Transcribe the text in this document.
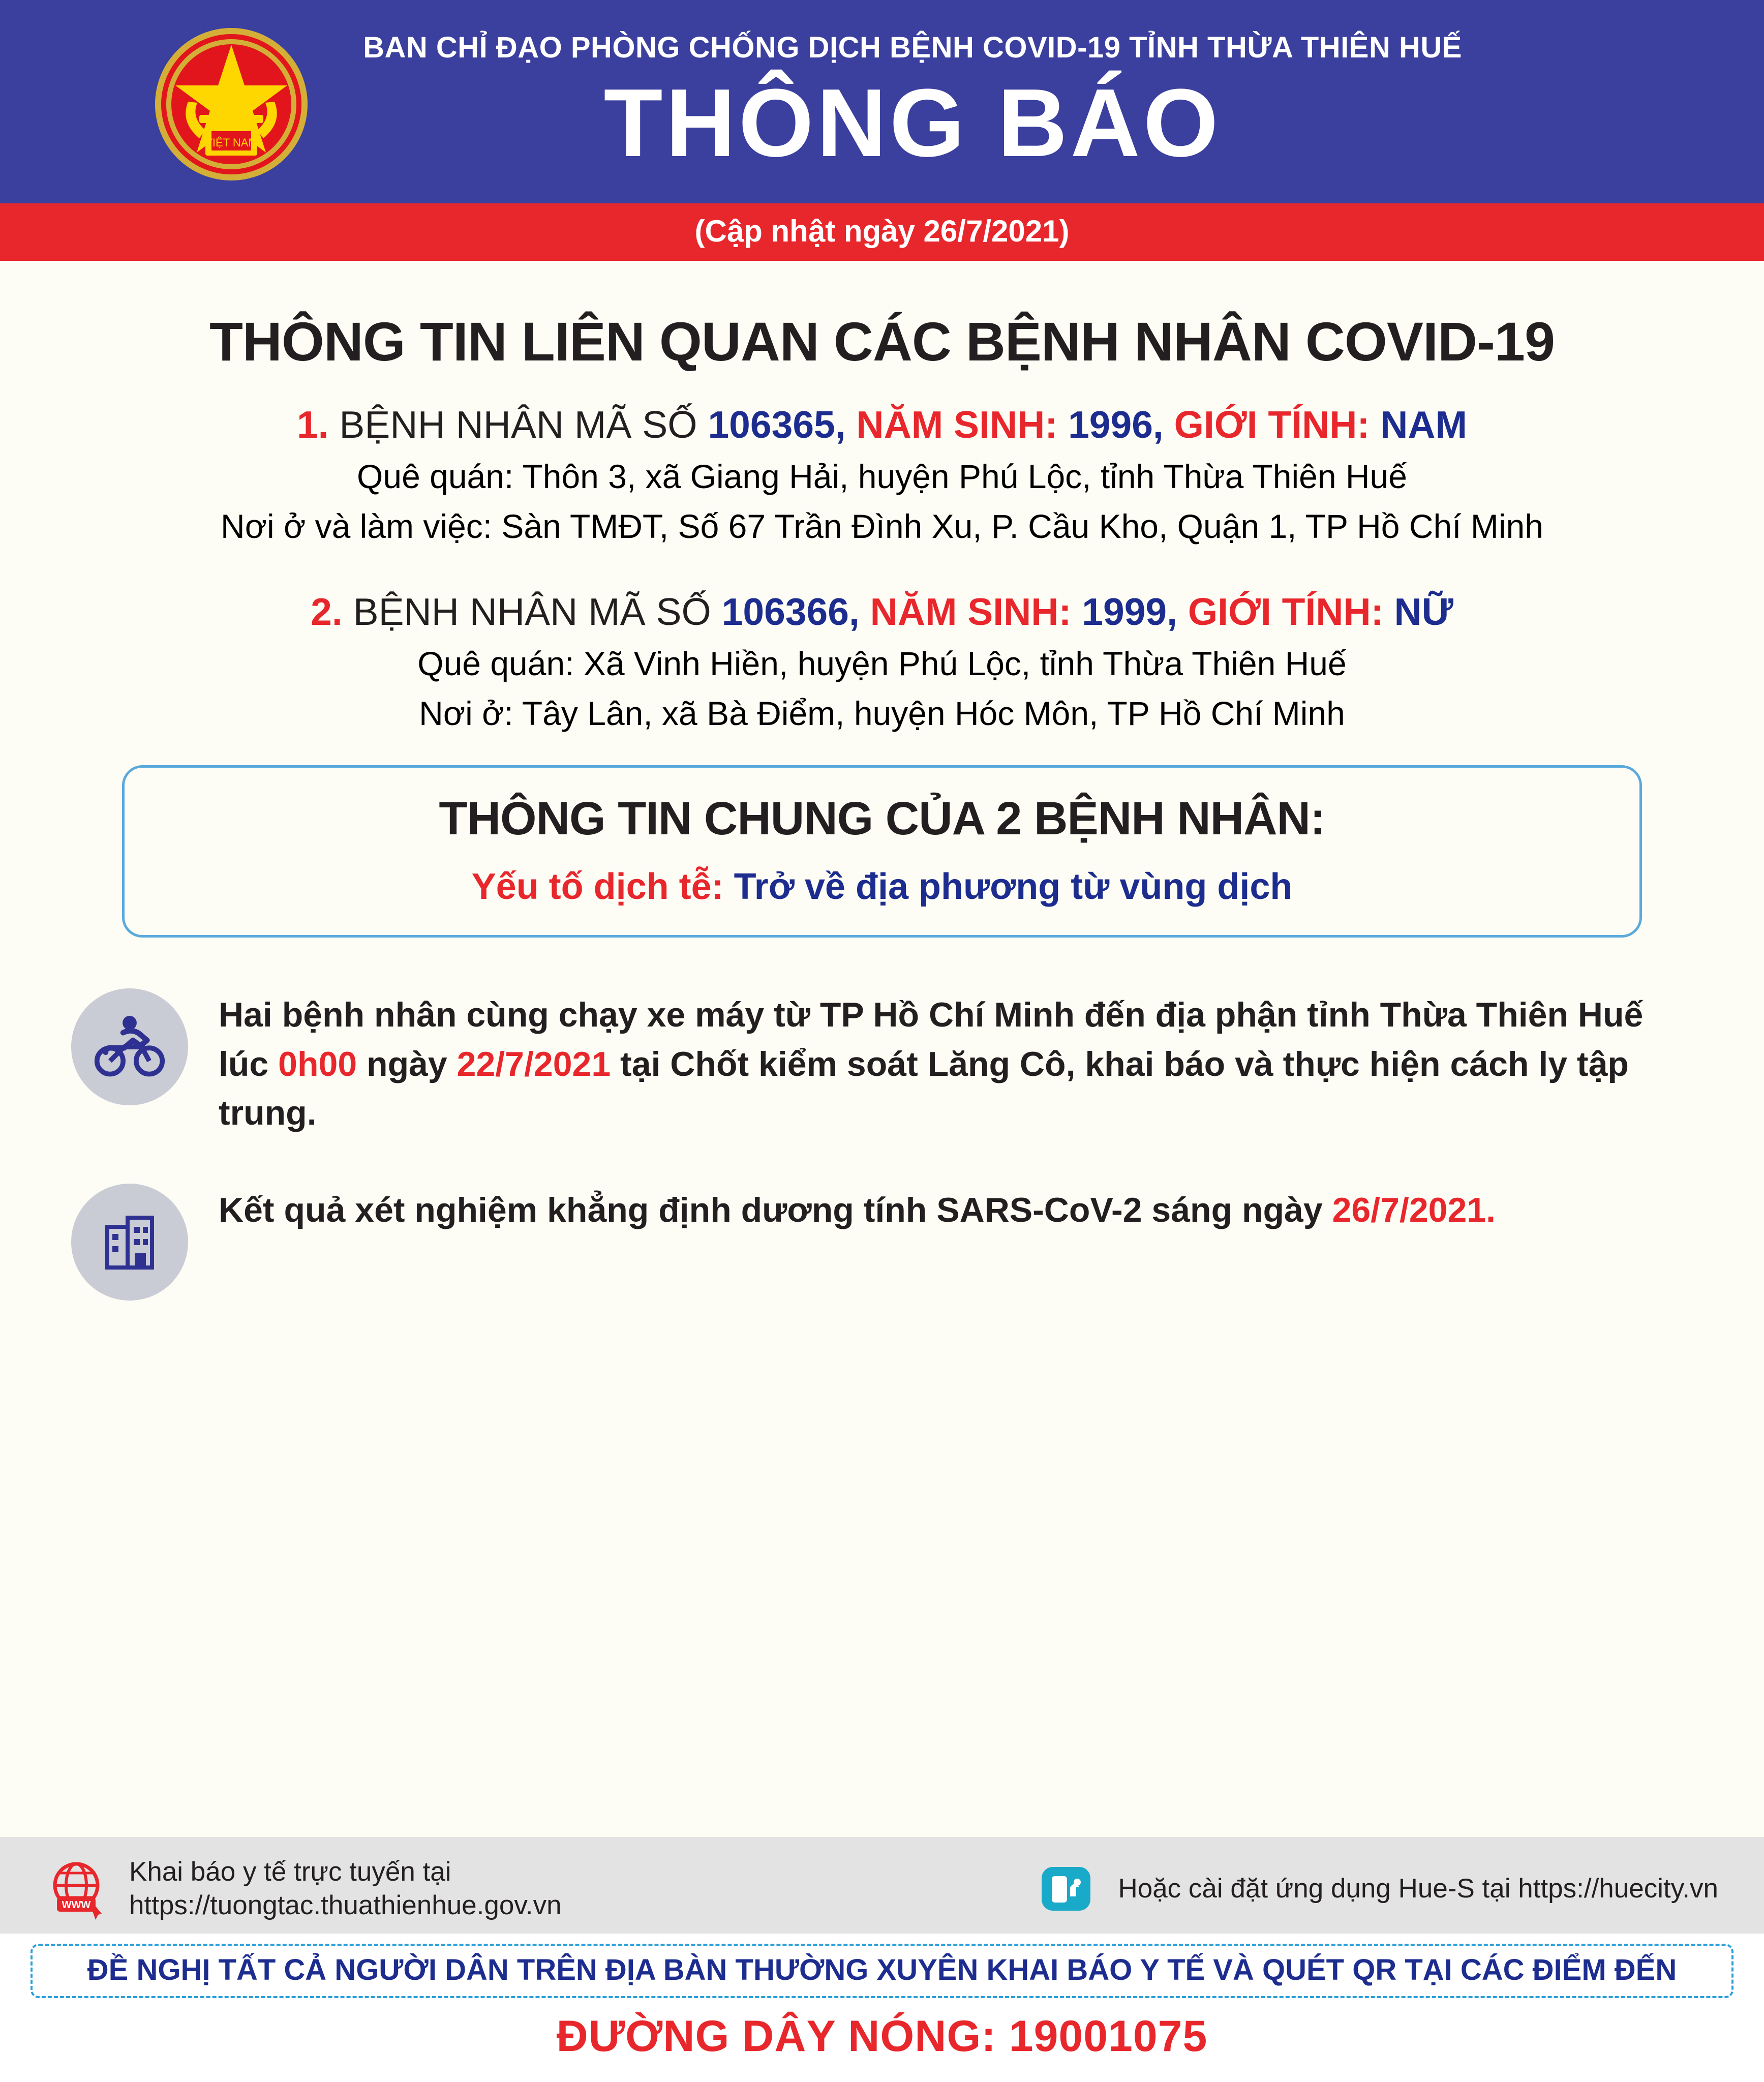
VIỆT NAM
BAN CHỈ ĐẠO PHÒNG CHỐNG DỊCH BỆNH COVID-19 TỈNH THỪA THIÊN HUẾ
THÔNG BÁO
(Cập nhật ngày 26/7/2021)
THÔNG TIN LIÊN QUAN CÁC BỆNH NHÂN COVID-19
1. BỆNH NHÂN MÃ SỐ 106365, NĂM SINH: 1996, GIỚI TÍNH: NAM
Quê quán: Thôn 3, xã Giang Hải, huyện Phú Lộc, tỉnh Thừa Thiên Huế
Nơi ở và làm việc: Sàn TMĐT, Số 67 Trần Đình Xu, P. Cầu Kho, Quận 1, TP Hồ Chí Minh
2. BỆNH NHÂN MÃ SỐ 106366, NĂM SINH: 1999, GIỚI TÍNH: NỮ
Quê quán: Xã Vinh Hiền, huyện Phú Lộc, tỉnh Thừa Thiên Huế
Nơi ở: Tây Lân, xã Bà Điểm, huyện Hóc Môn, TP Hồ Chí Minh
THÔNG TIN CHUNG CỦA 2 BỆNH NHÂN:
Yếu tố dịch tễ: Trở về địa phương từ vùng dịch
Hai bệnh nhân cùng chạy xe máy từ TP Hồ Chí Minh đến địa phận tỉnh Thừa Thiên Huế lúc 0h00 ngày 22/7/2021 tại Chốt kiểm soát Lăng Cô, khai báo và thực hiện cách ly tập trung.
Kết quả xét nghiệm khẳng định dương tính SARS-CoV-2 sáng ngày 26/7/2021.
WWW
Khai báo y tế trực tuyến tại
https://tuongtac.thuathienhue.gov.vn
Hoặc cài đặt ứng dụng Hue-S tại https://huecity.vn
ĐỀ NGHỊ TẤT CẢ NGƯỜI DÂN TRÊN ĐỊA BÀN THƯỜNG XUYÊN KHAI BÁO Y TẾ VÀ QUÉT QR TẠI CÁC ĐIỂM ĐẾN
ĐƯỜNG DÂY NÓNG: 19001075
